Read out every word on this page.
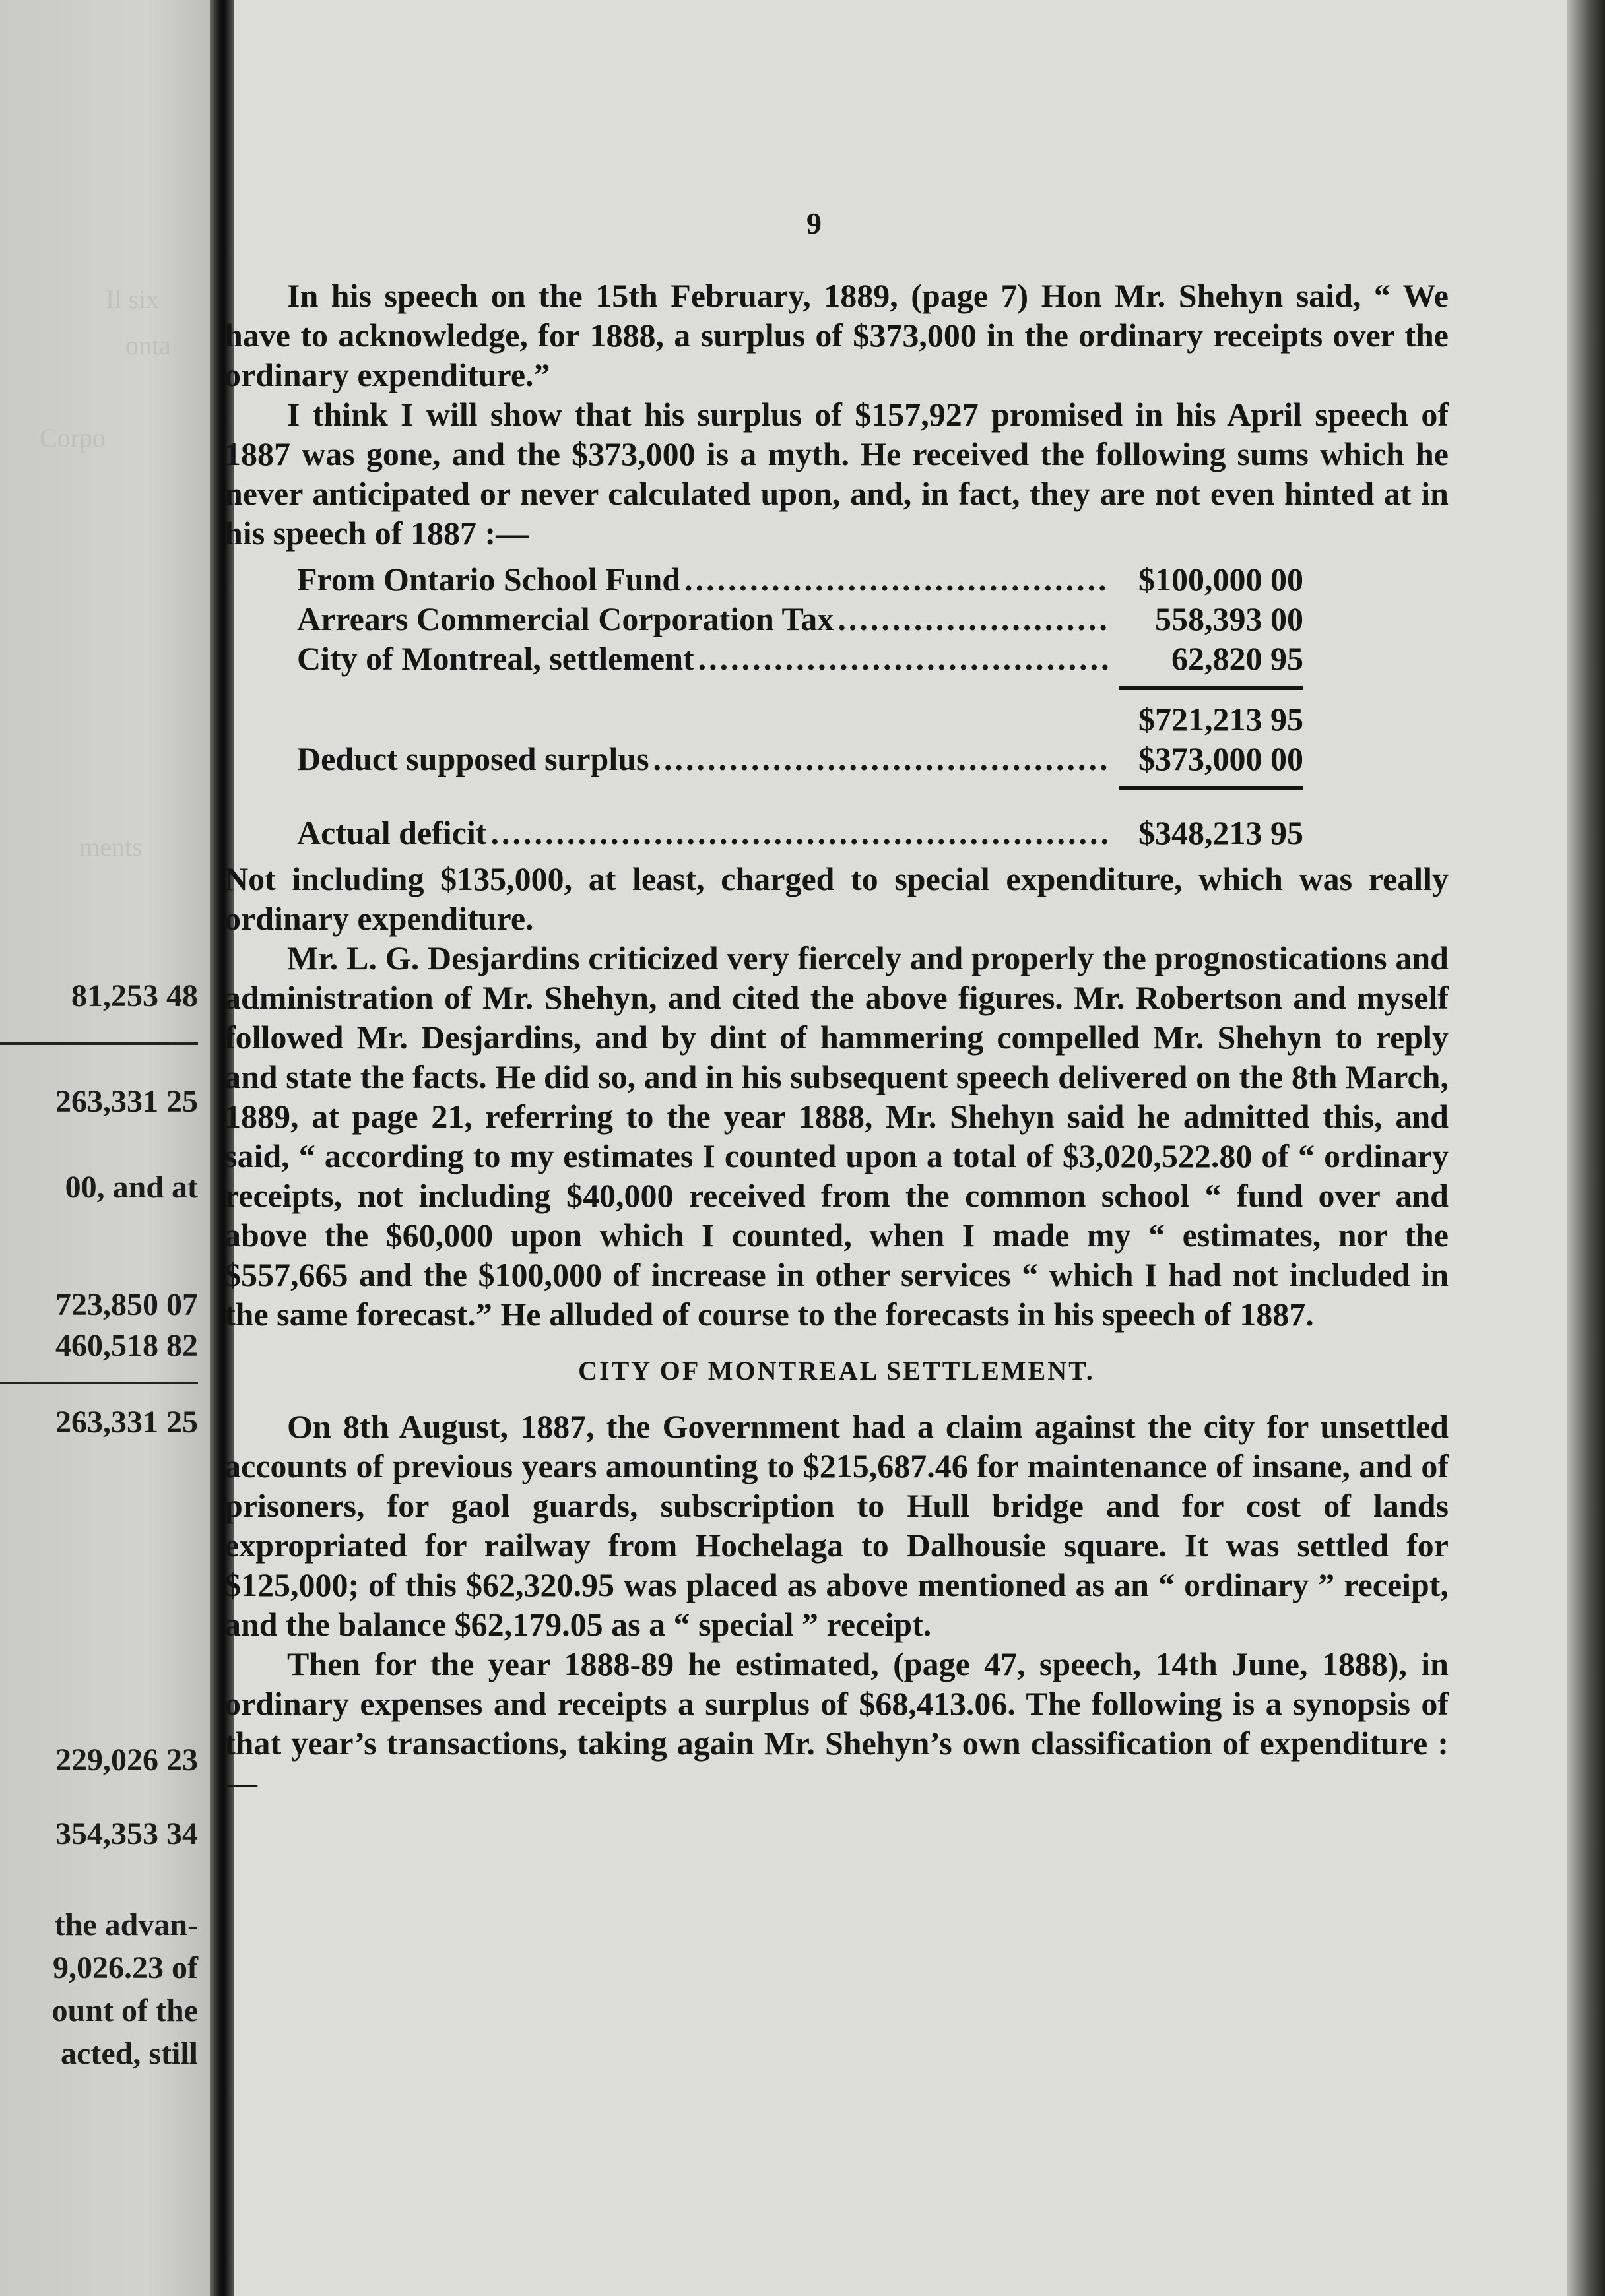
Il six
onta
Corpo
ments
81,253 48
263,331 25
00, and at
723,850 07
460,518 82
263,331 25
229,026 23
354,353 34
the advan-
9,026.23 of
ount of the
acted, still
9

In his speech on the 15th February, 1889, (page 7) Hon Mr. Shehyn said, “ We have to acknowledge, for 1888, a surplus of $373,000 in the ordinary receipts over the ordinary expenditure.”

I think I will show that his surplus of $157,927 promised in his April speech of 1887 was gone, and the $373,000 is a myth. He received the following sums which he never anticipated or never calculated upon, and, in fact, they are not even hinted at in his speech of 1887 :—

From Ontario School Fund .....	$100,000 00
Arrears Commercial Corporation Tax .....	558,393 00
City of Montreal, settlement .....	62,820 95
$721,213 95
Deduct supposed surplus .....	$373,000 00
Actual deficit .....	$348,213 95

Not including $135,000, at least, charged to special expenditure, which was really ordinary expenditure.

Mr. L. G. Desjardins criticized very fiercely and properly the prognostications and administration of Mr. Shehyn, and cited the above figures. Mr. Robertson and myself followed Mr. Desjardins, and by dint of hammering compelled Mr. Shehyn to reply and state the facts. He did so, and in his subsequent speech delivered on the 8th March, 1889, at page 21, referring to the year 1888, Mr. Shehyn said he admitted this, and said, “ according to my estimates I counted upon a total of $3,020,522.80 of “ ordinary receipts, not including $40,000 received from the common school “ fund over and above the $60,000 upon which I counted, when I made my “ estimates, nor the $557,665 and the $100,000 of increase in other services “ which I had not included in the same forecast.” He alluded of course to the forecasts in his speech of 1887.

CITY OF MONTREAL SETTLEMENT.

On 8th August, 1887, the Government had a claim against the city for unsettled accounts of previous years amounting to $215,687.46 for maintenance of insane, and of prisoners, for gaol guards, subscription to Hull bridge and for cost of lands expropriated for railway from Hochelaga to Dalhousie square. It was settled for $125,000; of this $62,320.95 was placed as above mentioned as an “ ordinary ” receipt, and the balance $62,179.05 as a “ special ” receipt.

Then for the year 1888-89 he estimated, (page 47, speech, 14th June, 1888), in ordinary expenses and receipts a surplus of $68,413.06. The following is a synopsis of that year’s transactions, taking again Mr. Shehyn’s own classification of expenditure :—
